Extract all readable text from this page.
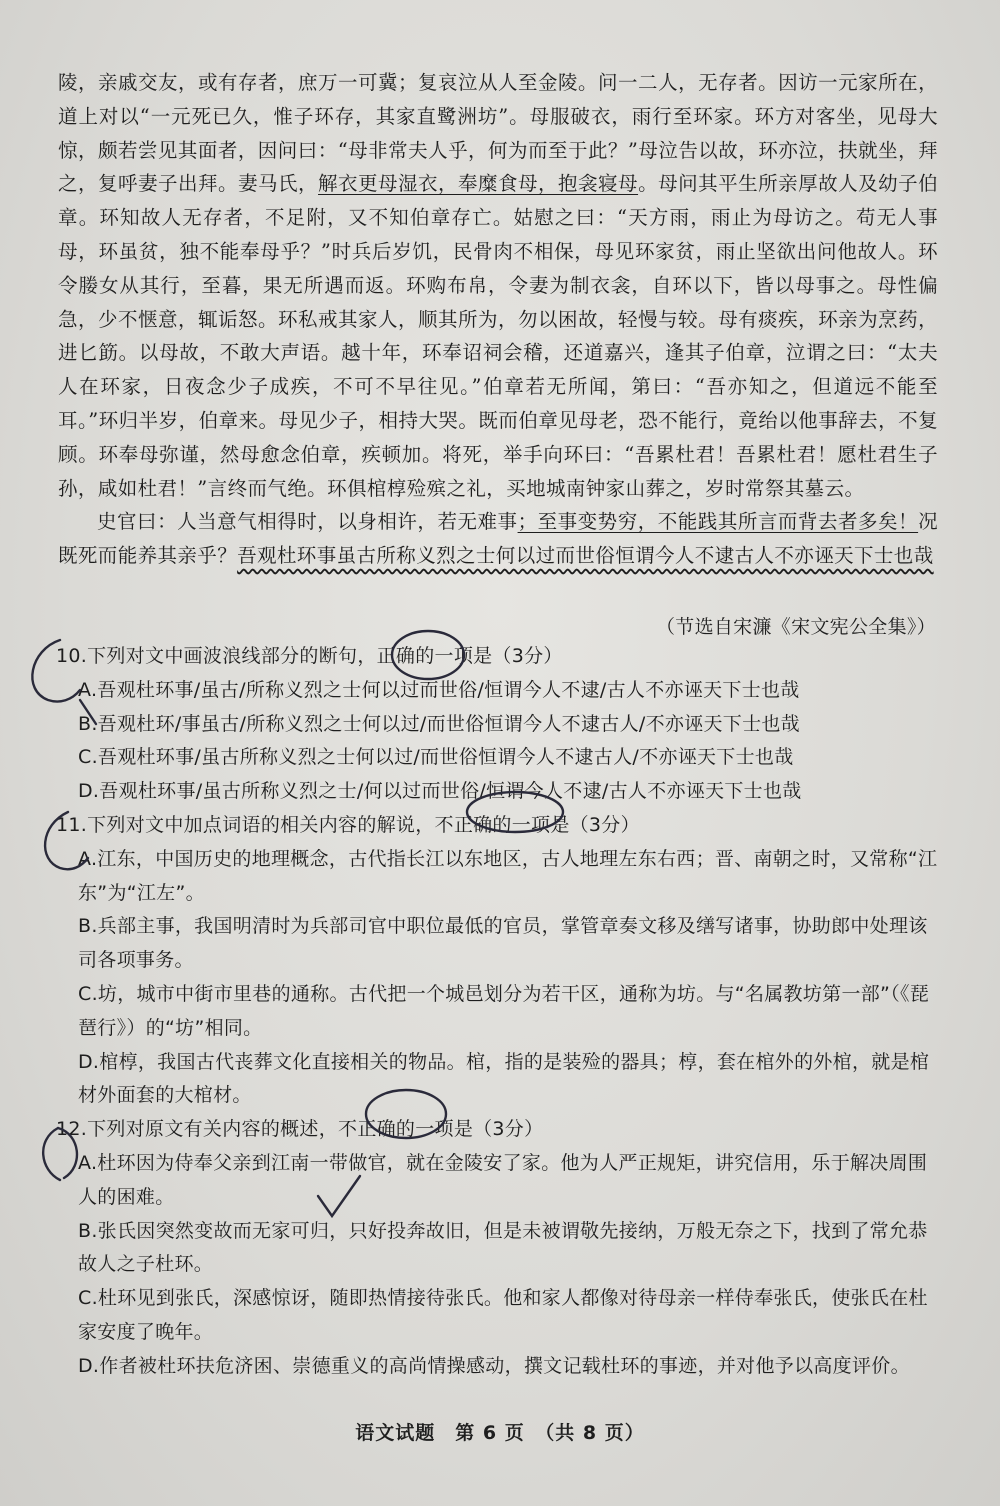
陵，亲戚交友，或有存者，庶万一可冀；复哀泣从人至金陵。问一二人，无存者。因访一元家所在，道上对以“一元死已久，惟子环存，其家直鹭洲坊”。母服破衣，雨行至环家。环方对客坐，见母大惊，颇若尝见其面者，因问曰：“母非常夫人乎，何为而至于此？”母泣告以故，环亦泣，扶就坐，拜之，复呼妻子出拜。妻马氏，解衣更母湿衣，奉糜食母，抱衾寝母。母问其平生所亲厚故人及幼子伯章。环知故人无存者，不足附，又不知伯章存亡。姑慰之曰：“天方雨，雨止为母访之。苟无人事母，环虽贫，独不能奉母乎？”时兵后岁饥，民骨肉不相保，母见环家贫，雨止坚欲出问他故人。环令媵女从其行，至暮，果无所遇而返。环购布帛，令妻为制衣衾，自环以下，皆以母事之。母性偏急，少不惬意，辄诟怒。环私戒其家人，顺其所为，勿以困故，轻慢与较。母有痰疾，环亲为烹药，进匕筯。以母故，不敢大声语。越十年，环奉诏祠会稽，还道嘉兴，逢其子伯章，泣谓之曰：“太夫人在环家，日夜念少子成疾，不可不早往见。”伯章若无所闻，第曰：“吾亦知之，但道远不能至耳。”环归半岁，伯章来。母见少子，相持大哭。既而伯章见母老，恐不能行，竟绐以他事辞去，不复顾。环奉母弥谨，然母愈念伯章，疾顿加。将死，举手向环曰：“吾累杜君！吾累杜君！愿杜君生子孙，咸如杜君！”言终而气绝。环俱棺椁殓殡之礼，买地城南钟家山葬之，岁时常祭其墓云。

史官曰：人当意气相得时，以身相许，若无难事；至事变势穷，不能践其所言而背去者多矣！况既死而能养其亲乎？吾观杜环事虽古所称义烈之士何以过而世俗恒谓今人不逮古人不亦诬天下士也哉

（节选自宋濂《宋文宪公全集》）

10.下列对文中画波浪线部分的断句，正确的一项是（3分）

A.吾观杜环事/虽古/所称义烈之士何以过而世俗/恒谓今人不逮/古人不亦诬天下士也哉

B.吾观杜环/事虽古/所称义烈之士何以过/而世俗恒谓今人不逮古人/不亦诬天下士也哉

C.吾观杜环事/虽古所称义烈之士何以过/而世俗恒谓今人不逮古人/不亦诬天下士也哉

D.吾观杜环事/虽古所称义烈之士/何以过而世俗/恒谓今人不逮/古人不亦诬天下士也哉

11.下列对文中加点词语的相关内容的解说，不正确的一项是（3分）

A.江东，中国历史的地理概念，古代指长江以东地区，古人地理左东右西；晋、南朝之时，又常称“江东”为“江左”。

B.兵部主事，我国明清时为兵部司官中职位最低的官员，掌管章奏文移及缮写诸事，协助郎中处理该司各项事务。

C.坊，城市中街市里巷的通称。古代把一个城邑划分为若干区，通称为坊。与“名属教坊第一部”（《琵琶行》）的“坊”相同。

D.棺椁，我国古代丧葬文化直接相关的物品。棺，指的是装殓的器具；椁，套在棺外的外棺，就是棺材外面套的大棺材。

12.下列对原文有关内容的概述，不正确的一项是（3分）

A.杜环因为侍奉父亲到江南一带做官，就在金陵安了家。他为人严正规矩，讲究信用，乐于解决周围人的困难。

B.张氏因突然变故而无家可归，只好投奔故旧，但是未被谓敬先接纳，万般无奈之下，找到了常允恭故人之子杜环。

C.杜环见到张氏，深感惊讶，随即热情接待张氏。他和家人都像对待母亲一样侍奉张氏，使张氏在杜家安度了晚年。

D.作者被杜环扶危济困、崇德重义的高尚情操感动，撰文记载杜环的事迹，并对他予以高度评价。

语文试题　第 6 页　（共 8 页）
